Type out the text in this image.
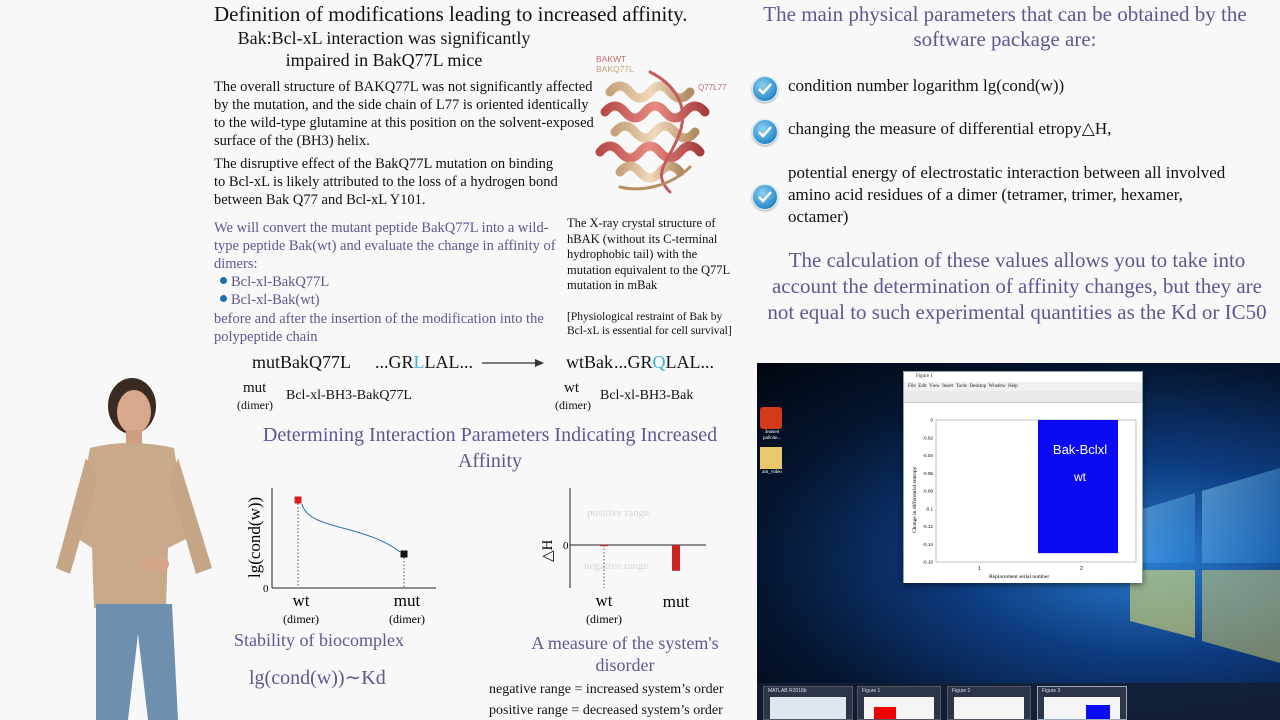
Definition of modifications leading to increased affinity.
Bak:Bcl-xL interaction was significantly impaired in BakQ77L mice
The overall structure of BAKQ77L was not significantly affected by the mutation, and the side chain of L77 is oriented identically to the wild-type glutamine at this position on the solvent-exposed surface of the (BH3) helix.
The disruptive effect of the BakQ77L mutation on binding to Bcl-xL is likely attributed to the loss of a hydrogen bond between Bak Q77 and Bcl-xL Y101.
We will convert the mutant peptide BakQ77L into a wild-type peptide Bak(wt) and evaluate the change in affinity of dimers:
Bcl-xl-BakQ77L
Bcl-xl-Bak(wt)
before and after the insertion of the modification into the polypeptide chain
BAKWT
BAKQ77L
Q77L77
The X-ray crystal structure of hBAK (without its C-terminal hydrophobic tail) with the mutation equivalent to the Q77L mutation in mBak
[Physiological restraint of Bak by Bcl-xL is essential for cell survival]
mutBakQ77L ...GRLLAL...	wtBak ...GRQLAL...
mut
(dimer)
Bcl-xl-BH3-BakQ77L	wt
(dimer)
Bcl-xl-BH3-Bak
Determining Interaction Parameters Indicating Increased Affinity
lg(cond(w))
0
wt	mut
(dimer)	(dimer)
Stability of biocomplex
lg(cond(w))∼Kd
△H 0
positive range
negative range
wt	mut
(dimer)
A measure of the system's disorder
negative range = increased system’s order
positive range = decreased system’s order
The main physical parameters that can be obtained by the software package are:
condition number logarithm lg(cond(w))
changing the measure of differential etropy△H,
potential energy of electrostatic interaction between all involved amino acid residues of a dimer (tetramer, trimer, hexamer, octamer)
The calculation of these values allows you to take into account the determination of affinity changes, but they are not equal to such experimental quantities as the Kd or IC50
Значен рабоче...
am_video
Figure 1
File Edit View Insert Tools Desktop Window Help
0
-0.02
-0.04
-0.06
-0.08
-0.1
-0.12
-0.14
-0.16
1	2
Replacement serial number
Change in differential entropy
Bak-Bclxl
wt
MATLAB R2016b	Figure 1	Figure 2	Figure 3
